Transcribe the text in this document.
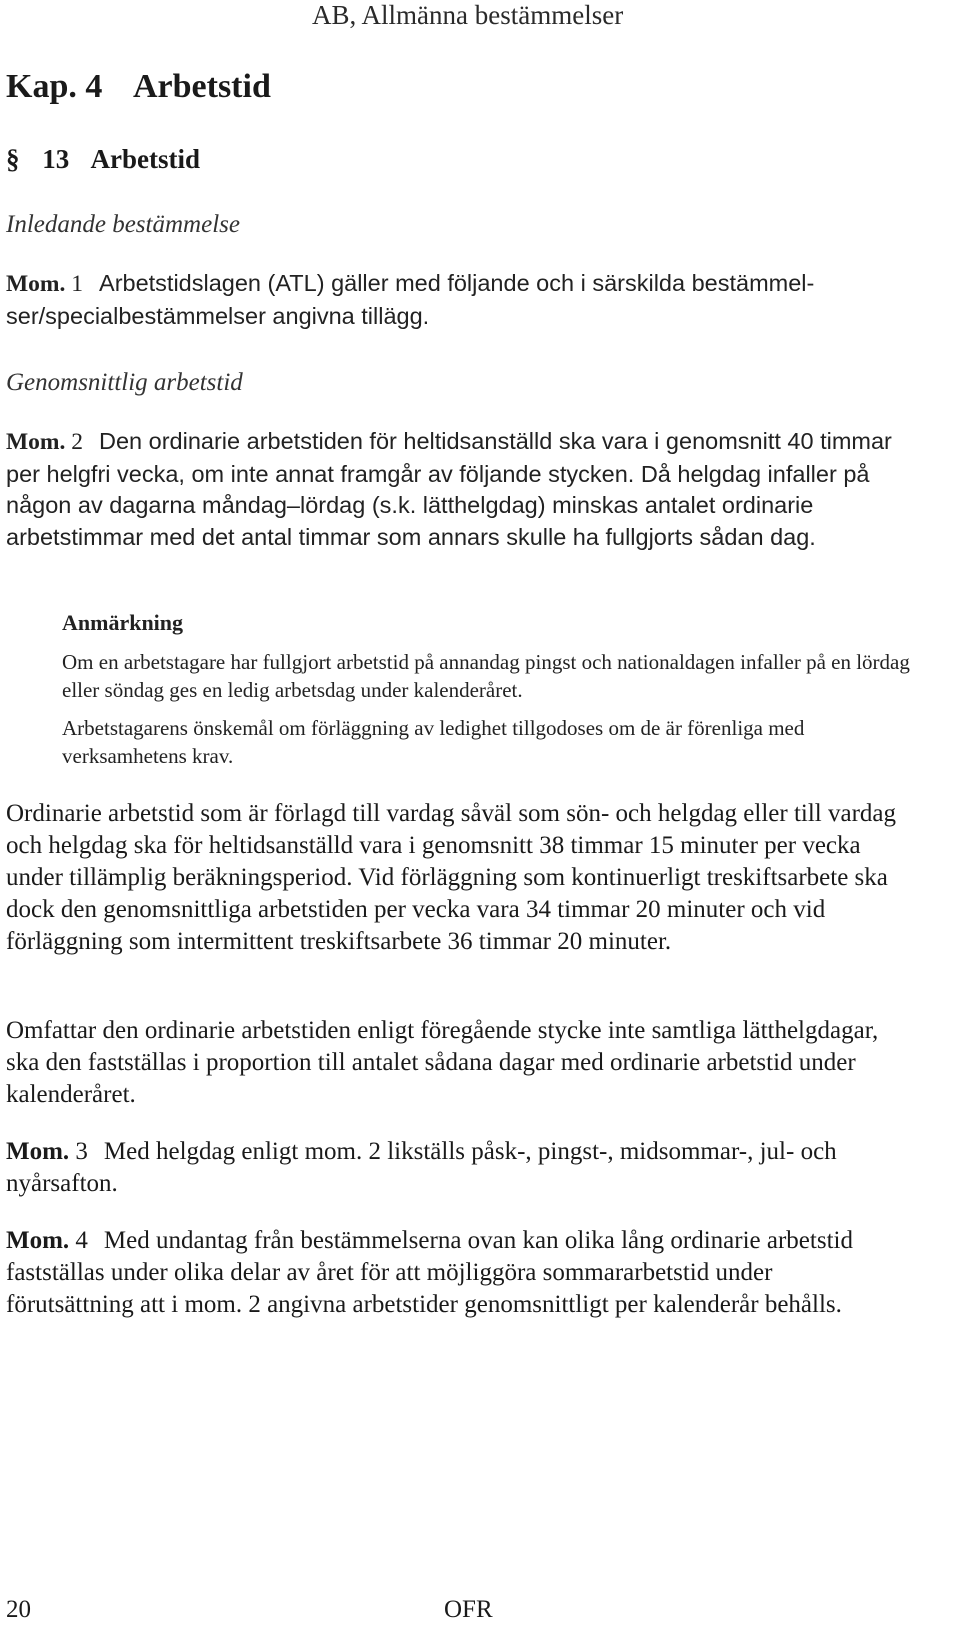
AB, Allmänna bestämmelser
Kap. 4 Arbetstid
§ 13 Arbetstid
Inledande bestämmelse

Mom. 1 Arbetstidslagen (ATL) gäller med följande och i särskilda bestämmelser/specialbestämmelser angivna tillägg.

Genomsnittlig arbetstid

Mom. 2 Den ordinarie arbetstiden för heltidsanställd ska vara i genomsnitt 40 timmar per helgfri vecka, om inte annat framgår av följande stycken. Då helgdag infaller på någon av dagarna måndag–lördag (s.k. lätthelgdag) minskas antalet ordinarie arbetstimmar med det antal timmar som annars skulle ha fullgjorts sådan dag.

Anmärkning

Om en arbetstagare har fullgjort arbetstid på annandag pingst och nationaldagen infaller på en lördag eller söndag ges en ledig arbetsdag under kalenderåret.

Arbetstagarens önskemål om förläggning av ledighet tillgodoses om de är förenliga med verksamhetens krav.

Ordinarie arbetstid som är förlagd till vardag såväl som sön- och helgdag eller till vardag och helgdag ska för heltidsanställd vara i genomsnitt 38 timmar 15 minuter per vecka under tillämplig beräkningsperiod. Vid förläggning som kontinuerligt treskiftsarbete ska dock den genomsnittliga arbetstiden per vecka vara 34 timmar 20 minuter och vid förläggning som intermittent treskiftsarbete 36 timmar 20 minuter.

Omfattar den ordinarie arbetstiden enligt föregående stycke inte samtliga lätthelgdagar, ska den fastställas i proportion till antalet sådana dagar med ordinarie arbetstid under kalenderåret.

Mom. 3 Med helgdag enligt mom. 2 likställs påsk-, pingst-, midsommar-, jul- och nyårsafton.

Mom. 4 Med undantag från bestämmelserna ovan kan olika lång ordinarie arbetstid fastställas under olika delar av året för att möjliggöra sommararbetstid under förutsättning att i mom. 2 angivna arbetstider genomsnittligt per kalenderår behålls.

20	OFR
